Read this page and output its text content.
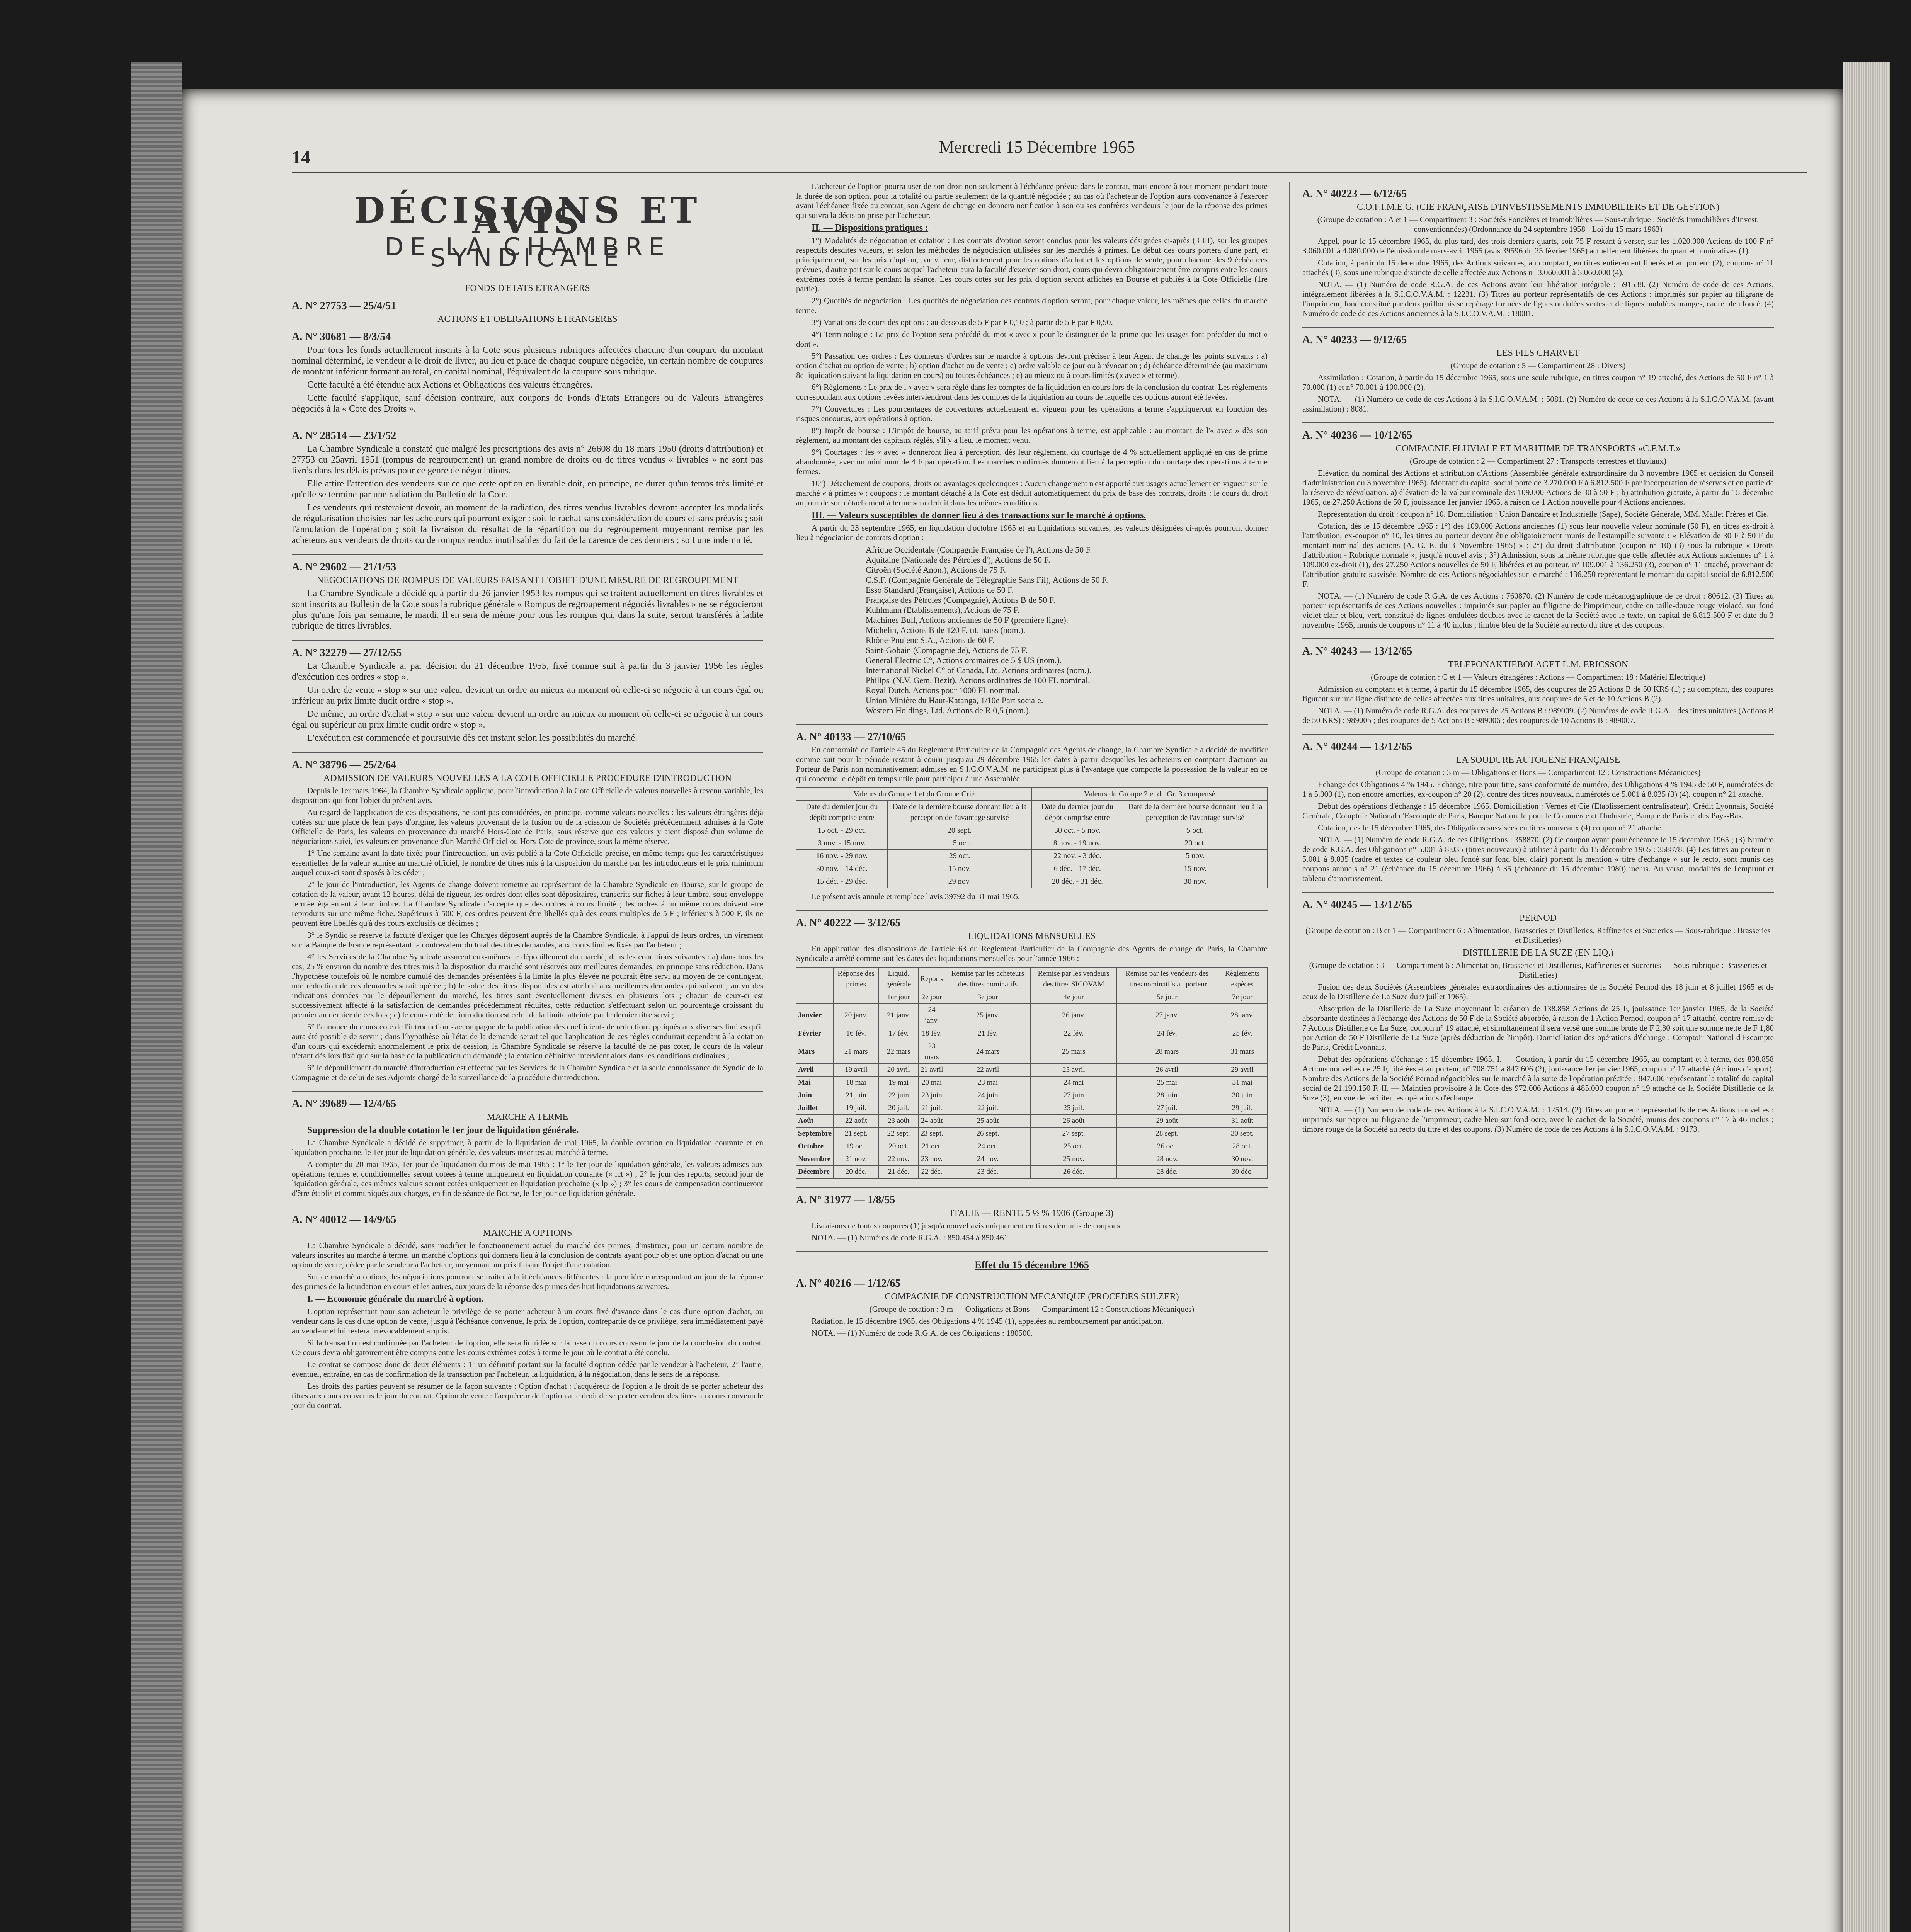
14
Mercredi 15 Décembre 1965
DÉCISIONS ET AVIS
DE LA CHAMBRE SYNDICALE
FONDS D'ETATS ETRANGERS
A. N° 27753 — 25/4/51
ACTIONS ET OBLIGATIONS ETRANGERES
A. N° 30681 — 8/3/54

Pour tous les fonds actuellement inscrits à la Cote sous plusieurs rubriques affectées chacune d'un coupure du montant nominal déterminé, le vendeur a le droit de livrer, au lieu et place de chaque coupure négociée, un certain nombre de coupures de montant inférieur formant au total, en capital nominal, l'équivalent de la coupure sous rubrique.

Cette faculté a été étendue aux Actions et Obligations des valeurs étrangères.

Cette faculté s'applique, sauf décision contraire, aux coupons de Fonds d'Etats Etrangers ou de Valeurs Etrangères négociés à la « Cote des Droits ».

A. N° 28514 — 23/1/52

La Chambre Syndicale a constaté que malgré les prescriptions des avis n° 26608 du 18 mars 1950 (droits d'attribution) et 27753 du 25avril 1951 (rompus de regroupement) un grand nombre de droits ou de titres vendus « livrables » ne sont pas livrés dans les délais prévus pour ce genre de négociations.

Elle attire l'attention des vendeurs sur ce que cette option en livrable doit, en principe, ne durer qu'un temps très limité et qu'elle se termine par une radiation du Bulletin de la Cote.

Les vendeurs qui resteraient devoir, au moment de la radiation, des titres vendus livrables devront accepter les modalités de régularisation choisies par les acheteurs qui pourront exiger : soit le rachat sans considération de cours et sans préavis ; soit l'annulation de l'opération ; soit la livraison du résultat de la répartition ou du regroupement moyennant remise par les acheteurs aux vendeurs de droits ou de rompus rendus inutilisables du fait de la carence de ces derniers ; soit une indemnité.

A. N° 29602 — 21/1/53
NEGOCIATIONS DE ROMPUS DE VALEURS FAISANT L'OBJET D'UNE MESURE DE REGROUPEMENT

La Chambre Syndicale a décidé qu'à partir du 26 janvier 1953 les rompus qui se traitent actuellement en titres livrables et sont inscrits au Bulletin de la Cote sous la rubrique générale « Rompus de regroupement négociés livrables » ne se négocieront plus qu'une fois par semaine, le mardi. Il en sera de même pour tous les rompus qui, dans la suite, seront transférés à ladite rubrique de titres livrables.

A. N° 32279 — 27/12/55

La Chambre Syndicale a, par décision du 21 décembre 1955, fixé comme suit à partir du 3 janvier 1956 les règles d'exécution des ordres « stop ».

Un ordre de vente « stop » sur une valeur devient un ordre au mieux au moment où celle-ci se négocie à un cours égal ou inférieur au prix limite dudit ordre « stop ».

De même, un ordre d'achat « stop » sur une valeur devient un ordre au mieux au moment où celle-ci se négocie à un cours égal ou supérieur au prix limite dudit ordre « stop ».

L'exécution est commencée et poursuivie dès cet instant selon les possibilités du marché.

A. N° 38796 — 25/2/64
ADMISSION DE VALEURS NOUVELLES A LA COTE OFFICIELLE PROCEDURE D'INTRODUCTION

Depuis le 1er mars 1964, la Chambre Syndicale applique, pour l'introduction à la Cote Officielle de valeurs nouvelles à revenu variable, les dispositions qui font l'objet du présent avis.

Au regard de l'application de ces dispositions, ne sont pas considérées, en principe, comme valeurs nouvelles : les valeurs étrangères déjà cotées sur une place de leur pays d'origine, les valeurs provenant de la fusion ou de la scission de Sociétés précédemment admises à la Cote Officielle de Paris, les valeurs en provenance du marché Hors-Cote de Paris, sous réserve que ces valeurs y aient disposé d'un volume de négociations suivi, les valeurs en provenance d'un Marché Officiel ou Hors-Cote de province, sous la même réserve.

1° Une semaine avant la date fixée pour l'introduction, un avis publié à la Cote Officielle précise, en même temps que les caractéristiques essentielles de la valeur admise au marché officiel, le nombre de titres mis à la disposition du marché par les introducteurs et le prix minimum auquel ceux-ci sont disposés à les céder ;

2° le jour de l'introduction, les Agents de change doivent remettre au représentant de la Chambre Syndicale en Bourse, sur le groupe de cotation de la valeur, avant 12 heures, délai de rigueur, les ordres dont elles sont dépositaires, transcrits sur fiches à leur timbre, sous enveloppe fermée également à leur timbre. La Chambre Syndicale n'accepte que des ordres à cours limité ; les ordres à un même cours doivent être reproduits sur une même fiche. Supérieurs à 500 F, ces ordres peuvent être libellés qu'à des cours multiples de 5 F ; inférieurs à 500 F, ils ne peuvent être libellés qu'à des cours exclusifs de décimes ;

3° le Syndic se réserve la faculté d'exiger que les Charges déposent auprès de la Chambre Syndicale, à l'appui de leurs ordres, un virement sur la Banque de France représentant la contrevaleur du total des titres demandés, aux cours limites fixés par l'acheteur ;

4° les Services de la Chambre Syndicale assurent eux-mêmes le dépouillement du marché, dans les conditions suivantes : a) dans tous les cas, 25 % environ du nombre des titres mis à la disposition du marché sont réservés aux meilleures demandes, en principe sans réduction. Dans l'hypothèse toutefois où le nombre cumulé des demandes présentées à la limite la plus élevée ne pourrait être servi au moyen de ce contingent, une réduction de ces demandes serait opérée ; b) le solde des titres disponibles est attribué aux meilleures demandes qui suivent ; au vu des indications données par le dépouillement du marché, les titres sont éventuellement divisés en plusieurs lots ; chacun de ceux-ci est successivement affecté à la satisfaction de demandes précédemment réduites, cette réduction s'effectuant selon un pourcentage croissant du premier au dernier de ces lots ; c) le cours coté de l'introduction est celui de la limite atteinte par le dernier titre servi ;

5° l'annonce du cours coté de l'introduction s'accompagne de la publication des coefficients de réduction appliqués aux diverses limites qu'il aura été possible de servir ; dans l'hypothèse où l'état de la demande serait tel que l'application de ces règles conduirait cependant à la cotation d'un cours qui excéderait anormalement le prix de cession, la Chambre Syndicale se réserve la faculté de ne pas coter, le cours de la valeur n'étant dès lors fixé que sur la base de la publication du demandé ; la cotation définitive intervient alors dans les conditions ordinaires ;

6° le dépouillement du marché d'introduction est effectué par les Services de la Chambre Syndicale et la seule connaissance du Syndic de la Compagnie et de celui de ses Adjoints chargé de la surveillance de la procédure d'introduction.

A. N° 39689 — 12/4/65
MARCHE A TERME

Suppression de la double cotation le 1er jour de liquidation générale.

La Chambre Syndicale a décidé de supprimer, à partir de la liquidation de mai 1965, la double cotation en liquidation courante et en liquidation prochaine, le 1er jour de liquidation générale, des valeurs inscrites au marché à terme.

A compter du 20 mai 1965, 1er jour de liquidation du mois de mai 1965 : 1° le 1er jour de liquidation générale, les valeurs admises aux opérations termes et conditionnelles seront cotées à terme uniquement en liquidation courante (« lct ») ; 2° le jour des reports, second jour de liquidation générale, ces mêmes valeurs seront cotées uniquement en liquidation prochaine (« lp ») ; 3° les cours de compensation continueront d'être établis et communiqués aux charges, en fin de séance de Bourse, le 1er jour de liquidation générale.

A. N° 40012 — 14/9/65
MARCHE A OPTIONS

La Chambre Syndicale a décidé, sans modifier le fonctionnement actuel du marché des primes, d'instituer, pour un certain nombre de valeurs inscrites au marché à terme, un marché d'options qui donnera lieu à la conclusion de contrats ayant pour objet une option d'achat ou une option de vente, cédée par le vendeur à l'acheteur, moyennant un prix faisant l'objet d'une cotation.

Sur ce marché à options, les négociations pourront se traiter à huit échéances différentes : la première correspondant au jour de la réponse des primes de la liquidation en cours et les autres, aux jours de la réponse des primes des huit liquidations suivantes.

I. — Economie générale du marché à option.

L'option représentant pour son acheteur le privilège de se porter acheteur à un cours fixé d'avance dans le cas d'une option d'achat, ou vendeur dans le cas d'une option de vente, jusqu'à l'échéance convenue, le prix de l'option, contrepartie de ce privilège, sera immédiatement payé au vendeur et lui restera irrévocablement acquis.

Si la transaction est confirmée par l'acheteur de l'option, elle sera liquidée sur la base du cours convenu le jour de la conclusion du contrat. Ce cours devra obligatoirement être compris entre les cours extrêmes cotés à terme le jour où le contrat a été conclu.

Le contrat se compose donc de deux éléments : 1° un définitif portant sur la faculté d'option cédée par le vendeur à l'acheteur, 2° l'autre, éventuel, entraîne, en cas de confirmation de la transaction par l'acheteur, la liquidation, à la négociation, dans le sens de la réponse.

Les droits des parties peuvent se résumer de la façon suivante : Option d'achat : l'acquéreur de l'option a le droit de se porter acheteur des titres aux cours convenus le jour du contrat. Option de vente : l'acquéreur de l'option a le droit de se porter vendeur des titres au cours convenu le jour du contrat.

L'acheteur de l'option pourra user de son droit non seulement à l'échéance prévue dans le contrat, mais encore à tout moment pendant toute la durée de son option, pour la totalité ou partie seulement de la quantité négociée ; au cas où l'acheteur de l'option aura convenance à l'exercer avant l'échéance fixée au contrat, son Agent de change en donnera notification à son ou ses confrères vendeurs le jour de la réponse des primes qui suivra la décision prise par l'acheteur.

II. — Dispositions pratiques :

1°) Modalités de négociation et cotation : Les contrats d'option seront conclus pour les valeurs désignées ci-après (3 III), sur les groupes respectifs desdites valeurs, et selon les méthodes de négociation utilisées sur les marchés à primes. Le début des cours portera d'une part, et principalement, sur les prix d'option, par valeur, distinctement pour les options d'achat et les options de vente, pour chacune des 9 échéances prévues, d'autre part sur le cours auquel l'acheteur aura la faculté d'exercer son droit, cours qui devra obligatoirement être compris entre les cours extrêmes cotés à terme pendant la séance. Les cours cotés sur les prix d'option seront affichés en Bourse et publiés à la Cote Officielle (1re partie).

2°) Quotités de négociation : Les quotités de négociation des contrats d'option seront, pour chaque valeur, les mêmes que celles du marché terme.

3°) Variations de cours des options : au-dessous de 5 F par F 0,10 ; à partir de 5 F par F 0,50.

4°) Terminologie : Le prix de l'option sera précédé du mot « avec » pour le distinguer de la prime que les usages font précéder du mot « dont ».

5°) Passation des ordres : Les donneurs d'ordres sur le marché à options devront préciser à leur Agent de change les points suivants : a) option d'achat ou option de vente ; b) option d'achat ou de vente ; c) ordre valable ce jour ou à révocation ; d) échéance déterminée (au maximum 8e liquidation suivant la liquidation en cours) ou toutes échéances ; e) au mieux ou à cours limités (« avec » et terme).

6°) Règlements : Le prix de l'« avec » sera réglé dans les comptes de la liquidation en cours lors de la conclusion du contrat. Les règlements correspondant aux options levées interviendront dans les comptes de la liquidation au cours de laquelle ces options auront été levées.

7°) Couvertures : Les pourcentages de couvertures actuellement en vigueur pour les opérations à terme s'appliqueront en fonction des risques encourus, aux opérations à option.

8°) Impôt de bourse : L'impôt de bourse, au tarif prévu pour les opérations à terme, est applicable : au montant de l'« avec » dès son règlement, au montant des capitaux réglés, s'il y a lieu, le moment venu.

9°) Courtages : les « avec » donneront lieu à perception, dès leur règlement, du courtage de 4 % actuellement appliqué en cas de prime abandonnée, avec un minimum de 4 F par opération. Les marchés confirmés donneront lieu à la perception du courtage des opérations à terme fermes.

10°) Détachement de coupons, droits ou avantages quelconques : Aucun changement n'est apporté aux usages actuellement en vigueur sur le marché « à primes » : coupons : le montant détaché à la Cote est déduit automatiquement du prix de base des contrats, droits : le cours du droit au jour de son détachement à terme sera déduit dans les mêmes conditions.

III. — Valeurs susceptibles de donner lieu à des transactions sur le marché à options.

A partir du 23 septembre 1965, en liquidation d'octobre 1965 et en liquidations suivantes, les valeurs désignées ci-après pourront donner lieu à négociation de contrats d'option :

Afrique Occidentale (Compagnie Française de l'), Actions de 50 F.
Aquitaine (Nationale des Pétroles d'), Actions de 50 F.
Citroën (Société Anon.), Actions de 75 F.
C.S.F. (Compagnie Générale de Télégraphie Sans Fil), Actions de 50 F.
Esso Standard (Française), Actions de 50 F.
Française des Pétroles (Compagnie), Actions B de 50 F.
Kuhlmann (Etablissements), Actions de 75 F.
Machines Bull, Actions anciennes de 50 F (première ligne).
Michelin, Actions B de 120 F, tit. baiss (nom.).
Rhône-Poulenc S.A., Actions de 60 F.
Saint-Gobain (Compagnie de), Actions de 75 F.
General Electric C°, Actions ordinaires de 5 $ US (nom.).
International Nickel C° of Canada, Ltd, Actions ordinaires (nom.).
Philips' (N.V. Gem. Bezit), Actions ordinaires de 100 FL nominal.
Royal Dutch, Actions pour 1000 FL nominal.
Union Minière du Haut-Katanga, 1/10e Part sociale.
Western Holdings, Ltd, Actions de R 0,5 (nom.).
A. N° 40133 — 27/10/65

En conformité de l'article 45 du Règlement Particulier de la Compagnie des Agents de change, la Chambre Syndicale a décidé de modifier comme suit pour la période restant à courir jusqu'au 29 décembre 1965 les dates à partir desquelles les acheteurs en comptant d'actions au Porteur de Paris non nominativement admises en S.I.C.O.V.A.M. ne participent plus à l'avantage que comporte la possession de la valeur en ce qui concerne le dépôt en temps utile pour participer à une Assemblée :

Valeurs du Groupe 1 et du Groupe Crié		Valeurs du Groupe 2 et du Gr. 3 compensé	
Date du dernier jour du dépôt comprise entre	Date de la dernière bourse donnant lieu à la perception de l'avantage survisé	Date du dernier jour du dépôt comprise entre	Date de la dernière bourse donnant lieu à la perception de l'avantage survisé
15 oct. - 29 oct.	20 sept.	30 oct. - 5 nov.	5 oct.
3 nov. - 15 nov.	15 oct.	8 nov. - 19 nov.	20 oct.
16 nov. - 29 nov.	29 oct.	22 nov. - 3 déc.	5 nov.
30 nov. - 14 déc.	15 nov.	6 déc. - 17 déc.	15 nov.
15 déc. - 29 déc.	29 nov.	20 déc. - 31 déc.	30 nov.

Le présent avis annule et remplace l'avis 39792 du 31 mai 1965.

A. N° 40222 — 3/12/65
LIQUIDATIONS MENSUELLES

En application des dispositions de l'article 63 du Règlement Particulier de la Compagnie des Agents de change de Paris, la Chambre Syndicale a arrêté comme suit les dates des liquidations mensuelles pour l'année 1966 :

	Réponse des primes	Liquid. générale	Reports	Remise par les acheteurs des titres nominatifs	Remise par les vendeurs des titres SICOVAM	Remise par les vendeurs des titres nominatifs au porteur	Règlements espèces
		1er jour	2e jour	3e jour	4e jour	5e jour	7e jour
Janvier	20 janv.	21 janv.	24 janv.	25 janv.	26 janv.	27 janv.	28 janv.
Février	16 fév.	17 fév.	18 fév.	21 fév.	22 fév.	24 fév.	25 fév.
Mars	21 mars	22 mars	23 mars	24 mars	25 mars	28 mars	31 mars
Avril	19 avril	20 avril	21 avril	22 avril	25 avril	26 avril	29 avril
Mai	18 mai	19 mai	20 mai	23 mai	24 mai	25 mai	31 mai
Juin	21 juin	22 juin	23 juin	24 juin	27 juin	28 juin	30 juin
Juillet	19 juil.	20 juil.	21 juil.	22 juil.	25 juil.	27 juil.	29 juil.
Août	22 août	23 août	24 août	25 août	26 août	29 août	31 août
Septembre	21 sept.	22 sept.	23 sept.	26 sept.	27 sept.	28 sept.	30 sept.
Octobre	19 oct.	20 oct.	21 oct.	24 oct.	25 oct.	26 oct.	28 oct.
Novembre	21 nov.	22 nov.	23 nov.	24 nov.	25 nov.	28 nov.	30 nov.
Décembre	20 déc.	21 déc.	22 déc.	23 déc.	26 déc.	28 déc.	30 déc.
A. N° 31977 — 1/8/55
ITALIE — RENTE 5 ½ % 1906 (Groupe 3)

Livraisons de toutes coupures (1) jusqu'à nouvel avis uniquement en titres démunis de coupons.

NOTA. — (1) Numéros de code R.G.A. : 850.454 à 850.461.

Effet du 15 décembre 1965
A. N° 40216 — 1/12/65
COMPAGNIE DE CONSTRUCTION MECANIQUE (PROCEDES SULZER)
(Groupe de cotation : 3 m — Obligations et Bons — Compartiment 12 : Constructions Mécaniques)

Radiation, le 15 décembre 1965, des Obligations 4 % 1945 (1), appelées au remboursement par anticipation.

NOTA. — (1) Numéro de code R.G.A. de ces Obligations : 180500.

A. N° 40223 — 6/12/65
C.O.F.I.M.E.G. (CIE FRANÇAISE D'INVESTISSEMENTS IMMOBILIERS ET DE GESTION)
(Groupe de cotation : A et 1 — Compartiment 3 : Sociétés Foncières et Immobilières — Sous-rubrique : Sociétés Immobilières d'Invest. conventionnées) (Ordonnance du 24 septembre 1958 - Loi du 15 mars 1963)

Appel, pour le 15 décembre 1965, du plus tard, des trois derniers quarts, soit 75 F restant à verser, sur les 1.020.000 Actions de 100 F n° 3.060.001 à 4.080.000 de l'émission de mars-avril 1965 (avis 39596 du 25 février 1965) actuellement libérées du quart et nominatives (1).

Cotation, à partir du 15 décembre 1965, des Actions suivantes, au comptant, en titres entièrement libérés et au porteur (2), coupons n° 11 attachés (3), sous une rubrique distincte de celle affectée aux Actions n° 3.060.001 à 3.060.000 (4).

NOTA. — (1) Numéro de code R.G.A. de ces Actions avant leur libération intégrale : 591538. (2) Numéro de code de ces Actions, intégralement libérées à la S.I.C.O.V.A.M. : 12231. (3) Titres au porteur représentatifs de ces Actions : imprimés sur papier au filigrane de l'imprimeur, fond constitué par deux guillochis se repérage formées de lignes ondulées vertes et de lignes ondulées oranges, cadre bleu foncé. (4) Numéro de code de ces Actions anciennes à la S.I.C.O.V.A.M. : 18081.

A. N° 40233 — 9/12/65
LES FILS CHARVET
(Groupe de cotation : 5 — Compartiment 28 : Divers)

Assimilation : Cotation, à partir du 15 décembre 1965, sous une seule rubrique, en titres coupon n° 19 attaché, des Actions de 50 F n° 1 à 70.000 (1) et n° 70.001 à 100.000 (2).

NOTA. — (1) Numéro de code de ces Actions à la S.I.C.O.V.A.M. : 5081. (2) Numéro de code de ces Actions à la S.I.C.O.V.A.M. (avant assimilation) : 8081.

A. N° 40236 — 10/12/65
COMPAGNIE FLUVIALE ET MARITIME DE TRANSPORTS «C.F.M.T.»
(Groupe de cotation : 2 — Compartiment 27 : Transports terrestres et fluviaux)

Elévation du nominal des Actions et attribution d'Actions (Assemblée générale extraordinaire du 3 novembre 1965 et décision du Conseil d'administration du 3 novembre 1965). Montant du capital social porté de 3.270.000 F à 6.812.500 F par incorporation de réserves et en partie de la réserve de réévaluation. a) élévation de la valeur nominale des 109.000 Actions de 30 à 50 F ; b) attribution gratuite, à partir du 15 décembre 1965, de 27.250 Actions de 50 F, jouissance 1er janvier 1965, à raison de 1 Action nouvelle pour 4 Actions anciennes.

Représentation du droit : coupon n° 10. Domiciliation : Union Bancaire et Industrielle (Sape), Société Générale, MM. Mallet Frères et Cie.

Cotation, dès le 15 décembre 1965 : 1°) des 109.000 Actions anciennes (1) sous leur nouvelle valeur nominale (50 F), en titres ex-droit à l'attribution, ex-coupon n° 10, les titres au porteur devant être obligatoirement munis de l'estampille suivante : « Elévation de 30 F à 50 F du montant nominal des actions (A. G. E. du 3 Novembre 1965) » ; 2°) du droit d'attribution (coupon n° 10) (3) sous la rubrique « Droits d'attribution - Rubrique normale », jusqu'à nouvel avis ; 3°) Admission, sous la même rubrique que celle affectée aux Actions anciennes n° 1 à 109.000 ex-droit (1), des 27.250 Actions nouvelles de 50 F, libérées et au porteur, n° 109.001 à 136.250 (3), coupon n° 11 attaché, provenant de l'attribution gratuite susvisée. Nombre de ces Actions négociables sur le marché : 136.250 représentant le montant du capital social de 6.812.500 F.

NOTA. — (1) Numéro de code R.G.A. de ces Actions : 760870. (2) Numéro de code mécanographique de ce droit : 80612. (3) Titres au porteur représentatifs de ces Actions nouvelles : imprimés sur papier au filigrane de l'imprimeur, cadre en taille-douce rouge violacé, sur fond violet clair et bleu, vert, constitué de lignes ondulées doubles avec le cachet de la Société avec le texte, un capital de 6.812.500 F et date du 3 novembre 1965, munis de coupons n° 11 à 40 inclus ; timbre bleu de la Société au recto du titre et des coupons.

A. N° 40243 — 13/12/65
TELEFONAKTIEBOLAGET L.M. ERICSSON
(Groupe de cotation : C et 1 — Valeurs étrangères : Actions — Compartiment 18 : Matériel Electrique)

Admission au comptant et à terme, à partir du 15 décembre 1965, des coupures de 25 Actions B de 50 KRS (1) ; au comptant, des coupures figurant sur une ligne distincte de celles affectées aux titres unitaires, aux coupures de 5 et de 10 Actions B (2).

NOTA. — (1) Numéro de code R.G.A. des coupures de 25 Actions B : 989009. (2) Numéros de code R.G.A. : des titres unitaires (Actions B de 50 KRS) : 989005 ; des coupures de 5 Actions B : 989006 ; des coupures de 10 Actions B : 989007.

A. N° 40244 — 13/12/65
LA SOUDURE AUTOGENE FRANÇAISE
(Groupe de cotation : 3 m — Obligations et Bons — Compartiment 12 : Constructions Mécaniques)

Echange des Obligations 4 % 1945. Echange, titre pour titre, sans conformité de numéro, des Obligations 4 % 1945 de 50 F, numérotées de 1 à 5.000 (1), non encore amorties, ex-coupon n° 20 (2), contre des titres nouveaux, numérotés de 5.001 à 8.035 (3) (4), coupon n° 21 attaché.

Début des opérations d'échange : 15 décembre 1965. Domiciliation : Vernes et Cie (Etablissement centralisateur), Crédit Lyonnais, Société Générale, Comptoir National d'Escompte de Paris, Banque Nationale pour le Commerce et l'Industrie, Banque de Paris et des Pays-Bas.

Cotation, dès le 15 décembre 1965, des Obligations susvisées en titres nouveaux (4) coupon n° 21 attaché.

NOTA. — (1) Numéro de code R.G.A. de ces Obligations : 358870. (2) Ce coupon ayant pour échéance le 15 décembre 1965 ; (3) Numéro de code R.G.A. des Obligations n° 5.001 à 8.035 (titres nouveaux) à utiliser à partir du 15 décembre 1965 : 358878. (4) Les titres au porteur n° 5.001 à 8.035 (cadre et textes de couleur bleu foncé sur fond bleu clair) portent la mention « titre d'échange » sur le recto, sont munis des coupons annuels n° 21 (échéance du 15 décembre 1966) à 35 (échéance du 15 décembre 1980) inclus. Au verso, modalités de l'emprunt et tableau d'amortissement.

A. N° 40245 — 13/12/65
PERNOD
(Groupe de cotation : B et 1 — Compartiment 6 : Alimentation, Brasseries et Distilleries, Raffineries et Sucreries — Sous-rubrique : Brasseries et Distilleries)
DISTILLERIE DE LA SUZE (EN LIQ.)
(Groupe de cotation : 3 — Compartiment 6 : Alimentation, Brasseries et Distilleries, Raffineries et Sucreries — Sous-rubrique : Brasseries et Distilleries)

Fusion des deux Sociétés (Assemblées générales extraordinaires des actionnaires de la Société Pernod des 18 juin et 8 juillet 1965 et de ceux de la Distillerie de La Suze du 9 juillet 1965).

Absorption de la Distillerie de La Suze moyennant la création de 138.858 Actions de 25 F, jouissance 1er janvier 1965, de la Société absorbante destinées à l'échange des Actions de 50 F de la Société absorbée, à raison de 1 Action Pernod, coupon n° 17 attaché, contre remise de 7 Actions Distillerie de La Suze, coupon n° 19 attaché, et simultanément il sera versé une somme brute de F 2,30 soit une somme nette de F 1,80 par Action de 50 F Distillerie de La Suze (après déduction de l'impôt). Domiciliation des opérations d'échange : Comptoir National d'Escompte de Paris, Crédit Lyonnais.

Début des opérations d'échange : 15 décembre 1965. I. — Cotation, à partir du 15 décembre 1965, au comptant et à terme, des 838.858 Actions nouvelles de 25 F, libérées et au porteur, n° 708.751 à 847.606 (2), jouissance 1er janvier 1965, coupon n° 17 attaché (Actions d'apport). Nombre des Actions de la Société Pernod négociables sur le marché à la suite de l'opération précitée : 847.606 représentant la totalité du capital social de 21.190.150 F. II. — Maintien provisoire à la Cote des 972.006 Actions à 485.000 coupon n° 19 attaché de la Société Distillerie de la Suze (3), en vue de faciliter les opérations d'échange.

NOTA. — (1) Numéro de code de ces Actions à la S.I.C.O.V.A.M. : 12514. (2) Titres au porteur représentatifs de ces Actions nouvelles : imprimés sur papier au filigrane de l'imprimeur, cadre bleu sur fond ocre, avec le cachet de la Société, munis des coupons n° 17 à 46 inclus ; timbre rouge de la Société au recto du titre et des coupons. (3) Numéro de code de ces Actions à la S.I.C.O.V.A.M. : 9173.
